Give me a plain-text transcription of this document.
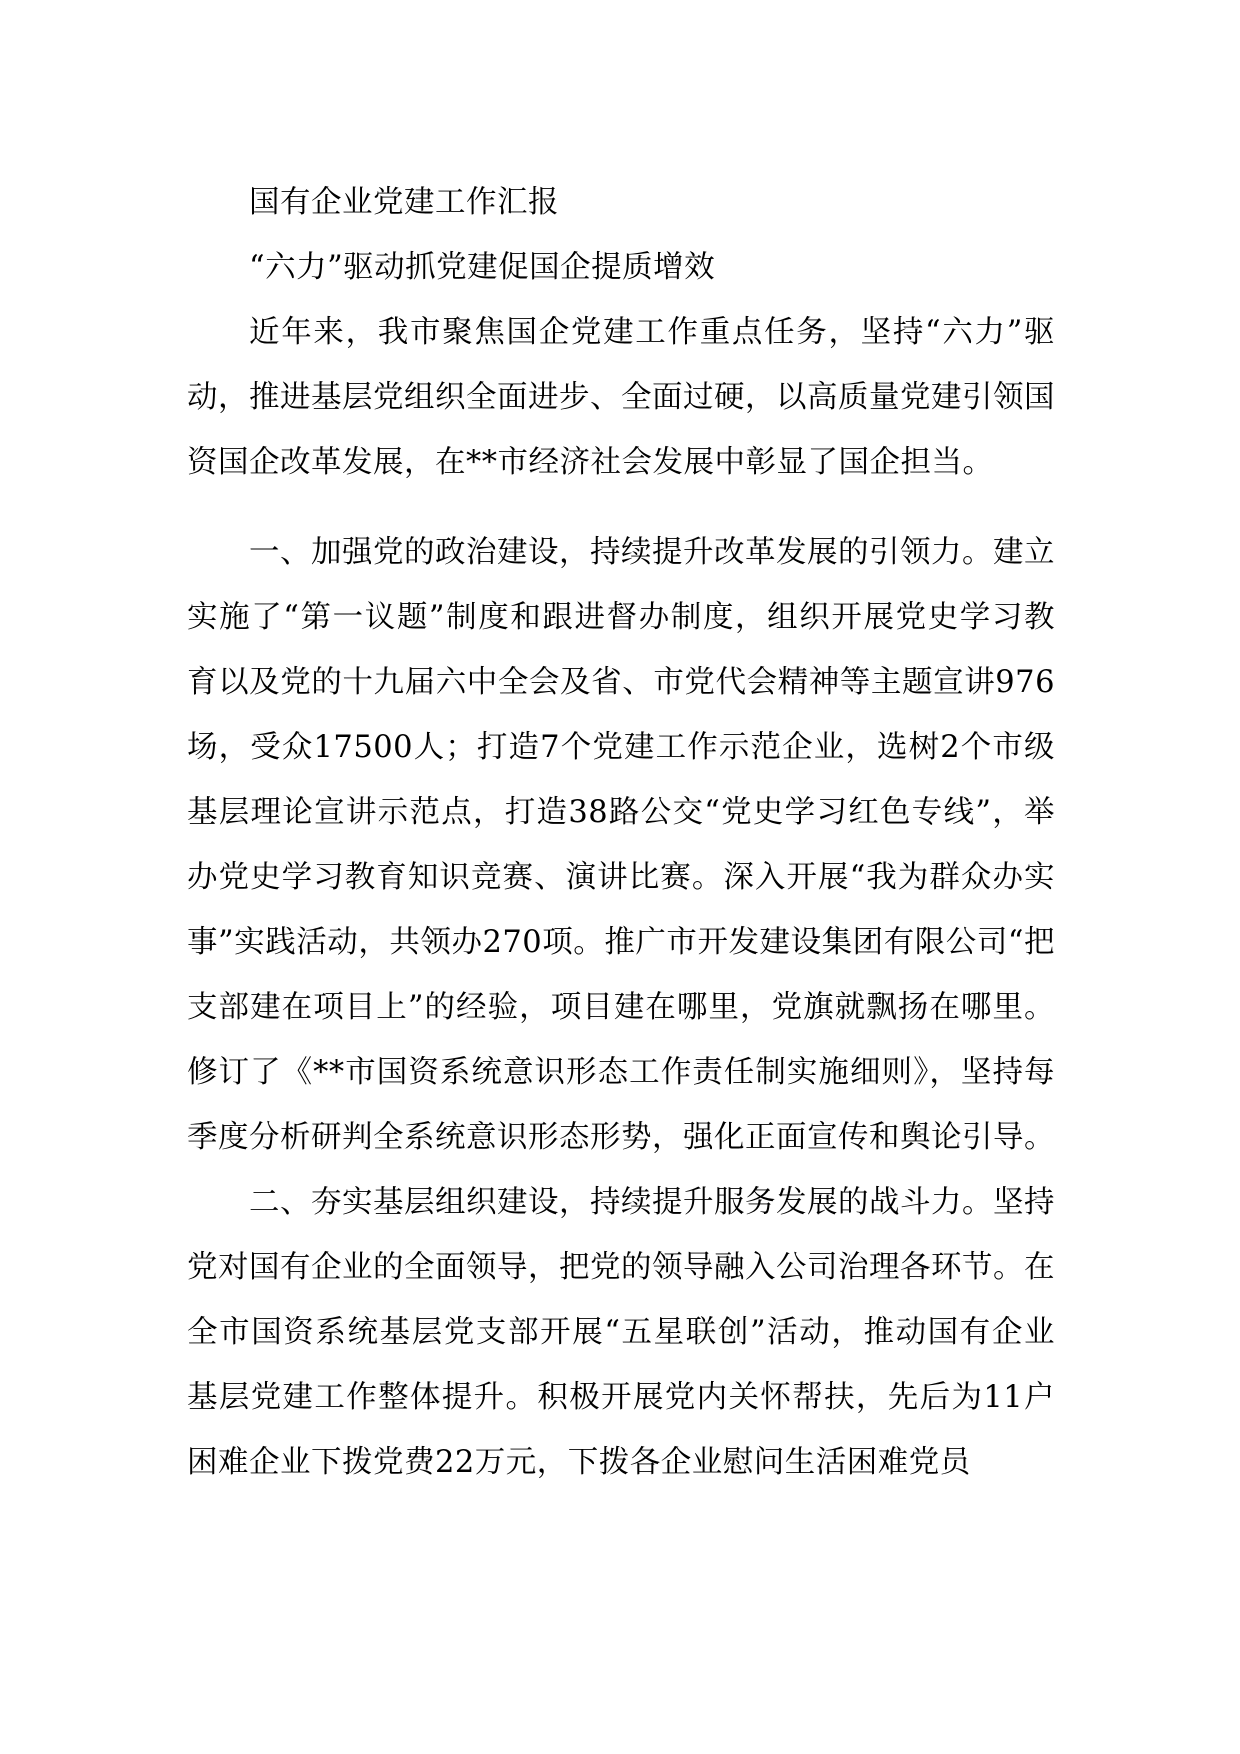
国有企业党建工作汇报
“六力”驱动抓党建促国企提质增效

近年来，我市聚焦国企党建工作重点任务，坚持“六力”驱动，推进基层党组织全面进步、全面过硬，以高质量党建引领国资国企改革发展，在**市经济社会发展中彰显了国企担当。

一、加强党的政治建设，持续提升改革发展的引领力。建立实施了“第一议题”制度和跟进督办制度，组织开展党史学习教育以及党的十九届六中全会及省、市党代会精神等主题宣讲976场，受众17500人；打造7个党建工作示范企业，选树2个市级基层理论宣讲示范点，打造38路公交“党史学习红色专线”，举办党史学习教育知识竞赛、演讲比赛。深入开展“我为群众办实事”实践活动，共领办270项。推广市开发建设集团有限公司“把支部建在项目上”的经验，项目建在哪里，党旗就飘扬在哪里。修订了《**市国资系统意识形态工作责任制实施细则》，坚持每季度分析研判全系统意识形态形势，强化正面宣传和舆论引导。

二、夯实基层组织建设，持续提升服务发展的战斗力。坚持党对国有企业的全面领导，把党的领导融入公司治理各环节。在全市国资系统基层党支部开展“五星联创”活动，推动国有企业基层党建工作整体提升。积极开展党内关怀帮扶，先后为11户困难企业下拨党费22万元，下拨各企业慰问生活困难党员
